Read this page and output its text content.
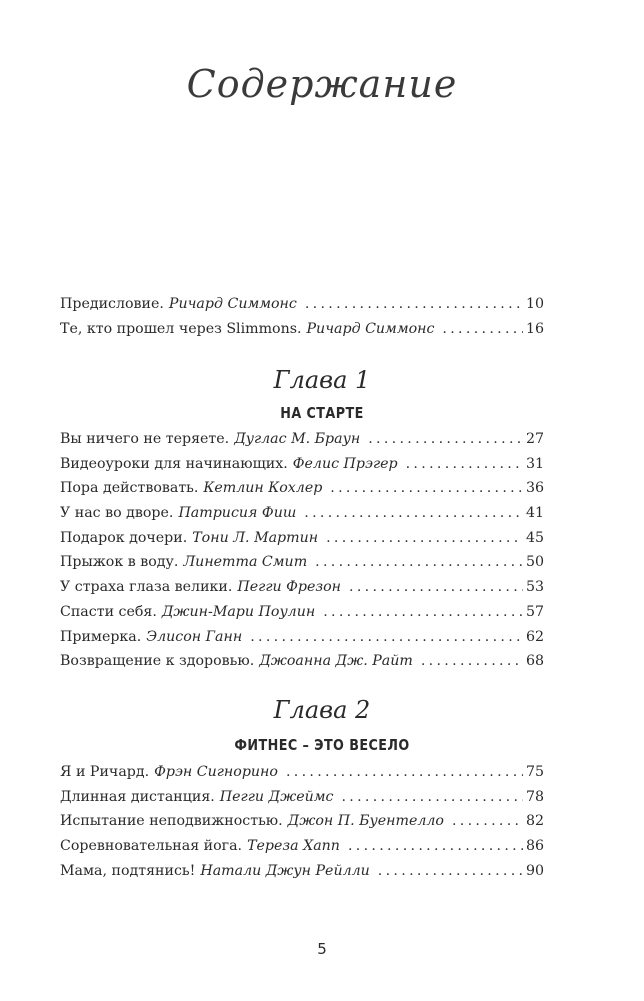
Содержание
Предисловие. Ричард Симмонс . . .	10
Те, кто прошел через Slimmons. Ричард Симмонс . . .	16
Глава 1
НА СТАРТЕ
Вы ничего не теряете. Дуглас М. Браун . . .	27
Видеоуроки для начинающих. Фелис Прэгер . . .	31
Пора действовать. Кетлин Кохлер . . .	36
У нас во дворе. Патрисия Фиш . . .	41
Подарок дочери. Тони Л. Мартин . . .	45
Прыжок в воду. Линетта Смит . . .	50
У страха глаза велики. Пегги Фрезон . . .	53
Спасти себя. Джин-Мари Поулин . . .	57
Примерка. Элисон Ганн . . .	62
Возвращение к здоровью. Джоанна Дж. Райт . . .	68
Глава 2
ФИТНЕС – ЭТО ВЕСЕЛО
Я и Ричард. Фрэн Сигнорино . . .	75
Длинная дистанция. Пегги Джеймс . . .	78
Испытание неподвижностью. Джон П. Буентелло . . .	82
Соревновательная йога. Тереза Хапп . . .	86
Мама, подтянись! Натали Джун Рейлли . . .	90
5
